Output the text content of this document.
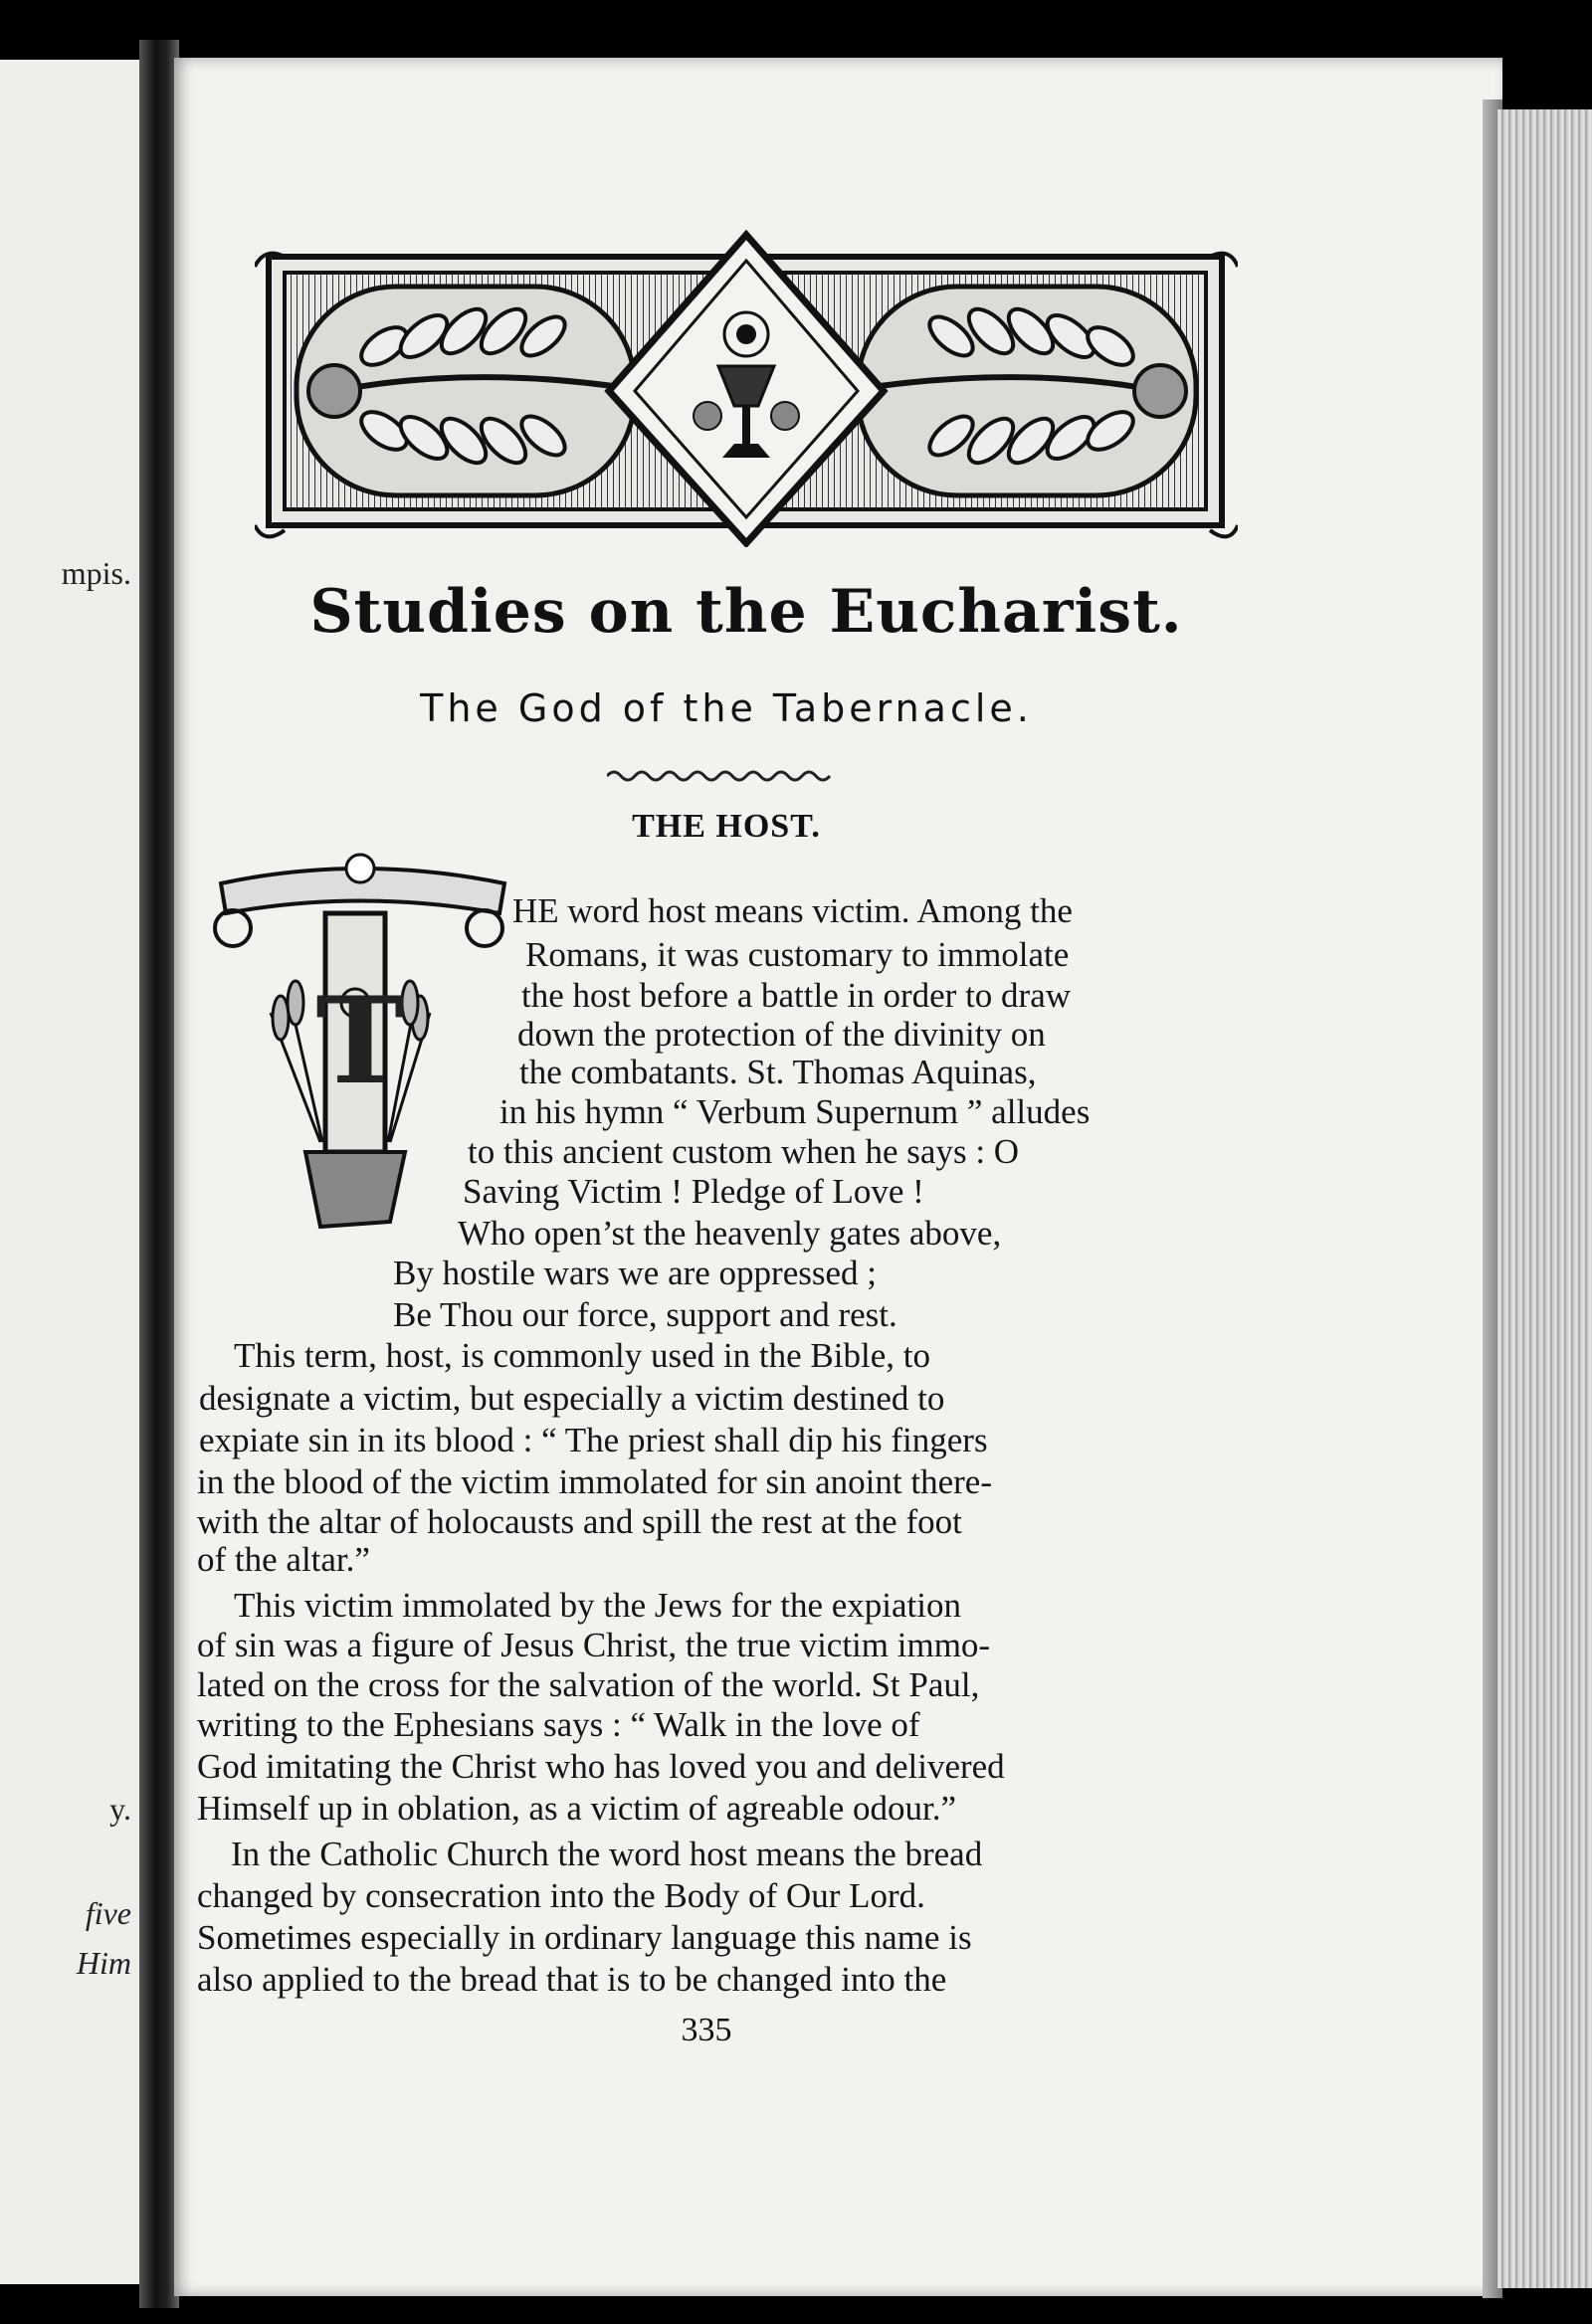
mpis.
y.
five
Him
Studies on the Eucharist.
The God of the Tabernacle.
THE HOST.
T
HE word host means victim. Among the
Romans, it was customary to immolate
the host before a battle in order to draw
down the protection of the divinity on
the combatants. St. Thomas Aquinas,
in his hymn “ Verbum Supernum ” alludes
to this ancient custom when he says : O
Saving Victim ! Pledge of Love !
Who open’st the heavenly gates above,
By hostile wars we are oppressed ;
Be Thou our force, support and rest.
This term, host, is commonly used in the Bible, to
designate a victim, but especially a victim destined to
expiate sin in its blood : “ The priest shall dip his fingers
in the blood of the victim immolated for sin anoint there-
with the altar of holocausts and spill the rest at the foot
of the altar.”
This victim immolated by the Jews for the expiation
of sin was a figure of Jesus Christ, the true victim immo-
lated on the cross for the salvation of the world. St Paul,
writing to the Ephesians says : “ Walk in the love of
God imitating the Christ who has loved you and delivered
Himself up in oblation, as a victim of agreable odour.”
In the Catholic Church the word host means the bread
changed by consecration into the Body of Our Lord.
Sometimes especially in ordinary language this name is
also applied to the bread that is to be changed into the
335
